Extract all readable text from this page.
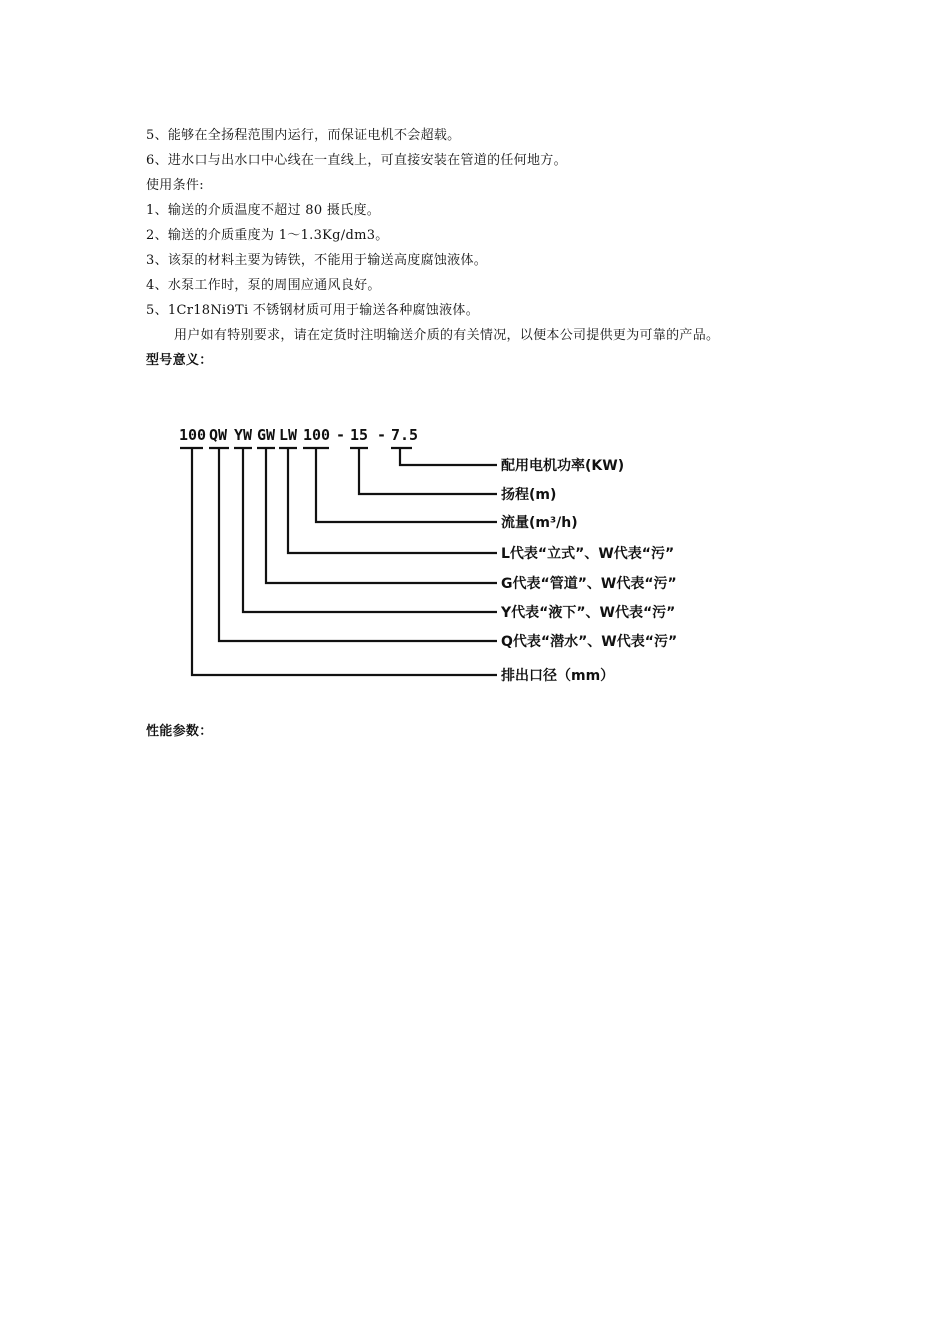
5、能够在全扬程范围内运行，而保证电机不会超载。
6、进水口与出水口中心线在一直线上，可直接安装在管道的任何地方。
使用条件:
1、输送的介质温度不超过 80 摄氏度。
2、输送的介质重度为 1～1.3Kg/dm3。
3、该泵的材料主要为铸铁，不能用于输送高度腐蚀液体。
4、水泵工作时，泵的周围应通风良好。
5、1Cr18Ni9Ti 不锈钢材质可用于输送各种腐蚀液体。
用户如有特别要求，请在定货时注明输送介质的有关情况，以便本公司提供更为可靠的产品。
型号意义：
100 QW YW GW LW 100 - 15 - 7.5
配用电机功率(KW)
扬程(m)
流量(m³/h)
L代表“立式”、W代表“污”
G代表“管道”、W代表“污”
Y代表“液下”、W代表“污”
Q代表“潜水”、W代表“污”
排出口径（mm）
性能参数：
